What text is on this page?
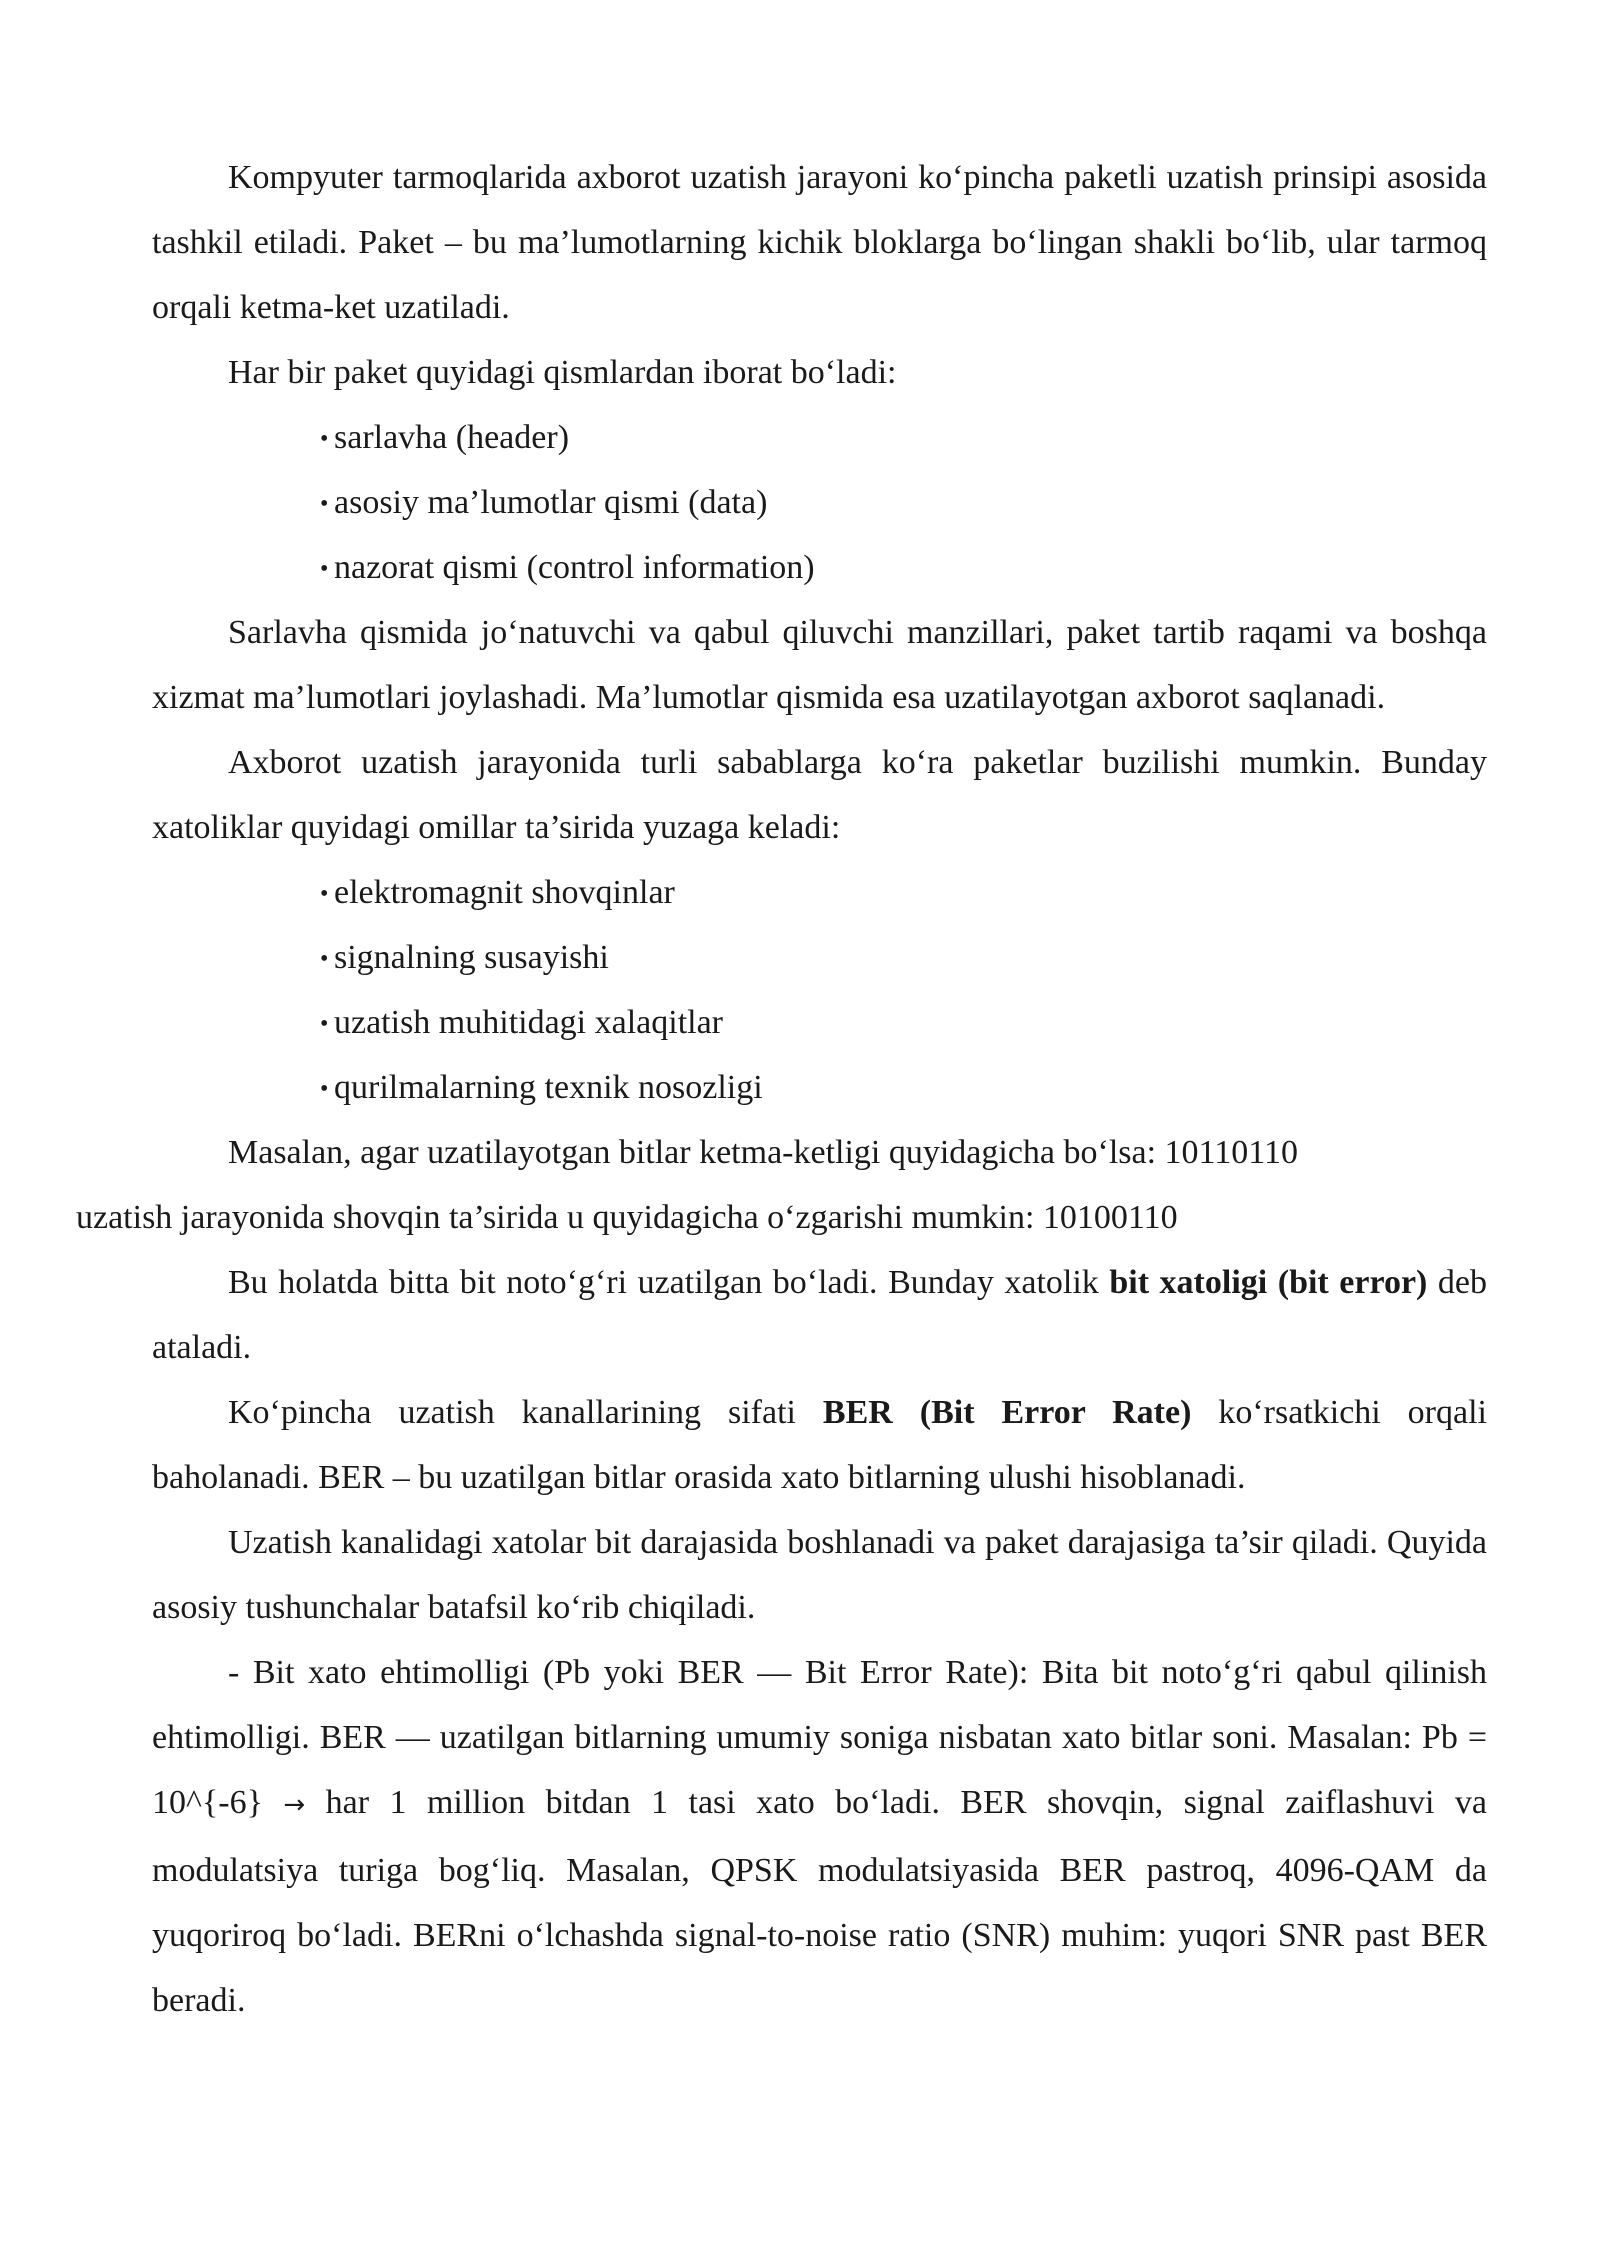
Kompyuter tarmoqlarida axborot uzatish jarayoni ko‘pincha paketli uzatish prinsipi asosida tashkil etiladi. Paket – bu ma’lumotlarning kichik bloklarga bo‘lingan shakli bo‘lib, ular tarmoq orqali ketma-ket uzatiladi.

Har bir paket quyidagi qismlardan iborat bo‘ladi:

• sarlavha (header)
• asosiy ma’lumotlar qismi (data)
• nazorat qismi (control information)

Sarlavha qismida jo‘natuvchi va qabul qiluvchi manzillari, paket tartib raqami va boshqa xizmat ma’lumotlari joylashadi. Ma’lumotlar qismida esa uzatilayotgan axborot saqlanadi.

Axborot uzatish jarayonida turli sabablarga ko‘ra paketlar buzilishi mumkin. Bunday xatoliklar quyidagi omillar ta’sirida yuzaga keladi:

• elektromagnit shovqinlar
• signalning susayishi
• uzatish muhitidagi xalaqitlar
• qurilmalarning texnik nosozligi

Masalan, agar uzatilayotgan bitlar ketma-ketligi quyidagicha bo‘lsa: 10110110
uzatish jarayonida shovqin ta’sirida u quyidagicha o‘zgarishi mumkin: 10100110

Bu holatda bitta bit noto‘g‘ri uzatilgan bo‘ladi. Bunday xatolik bit xatoligi (bit error) deb ataladi.

Ko‘pincha uzatish kanallarining sifati BER (Bit Error Rate) ko‘rsatkichi orqali baholanadi. BER – bu uzatilgan bitlar orasida xato bitlarning ulushi hisoblanadi.

Uzatish kanalidagi xatolar bit darajasida boshlanadi va paket darajasiga ta’sir qiladi. Quyida asosiy tushunchalar batafsil ko‘rib chiqiladi.

- Bit xato ehtimolligi (Pb yoki BER — Bit Error Rate): Bita bit noto‘g‘ri qabul qilinish ehtimolligi. BER — uzatilgan bitlarning umumiy soniga nisbatan xato bitlar soni. Masalan: Pb = 10^{-6} → har 1 million bitdan 1 tasi xato bo‘ladi. BER shovqin, signal zaiflashuvi va modulatsiya turiga bog‘liq. Masalan, QPSK modulatsiyasida BER pastroq, 4096-QAM da yuqoriroq bo‘ladi. BERni o‘lchashda signal-to-noise ratio (SNR) muhim: yuqori SNR past BER beradi.
